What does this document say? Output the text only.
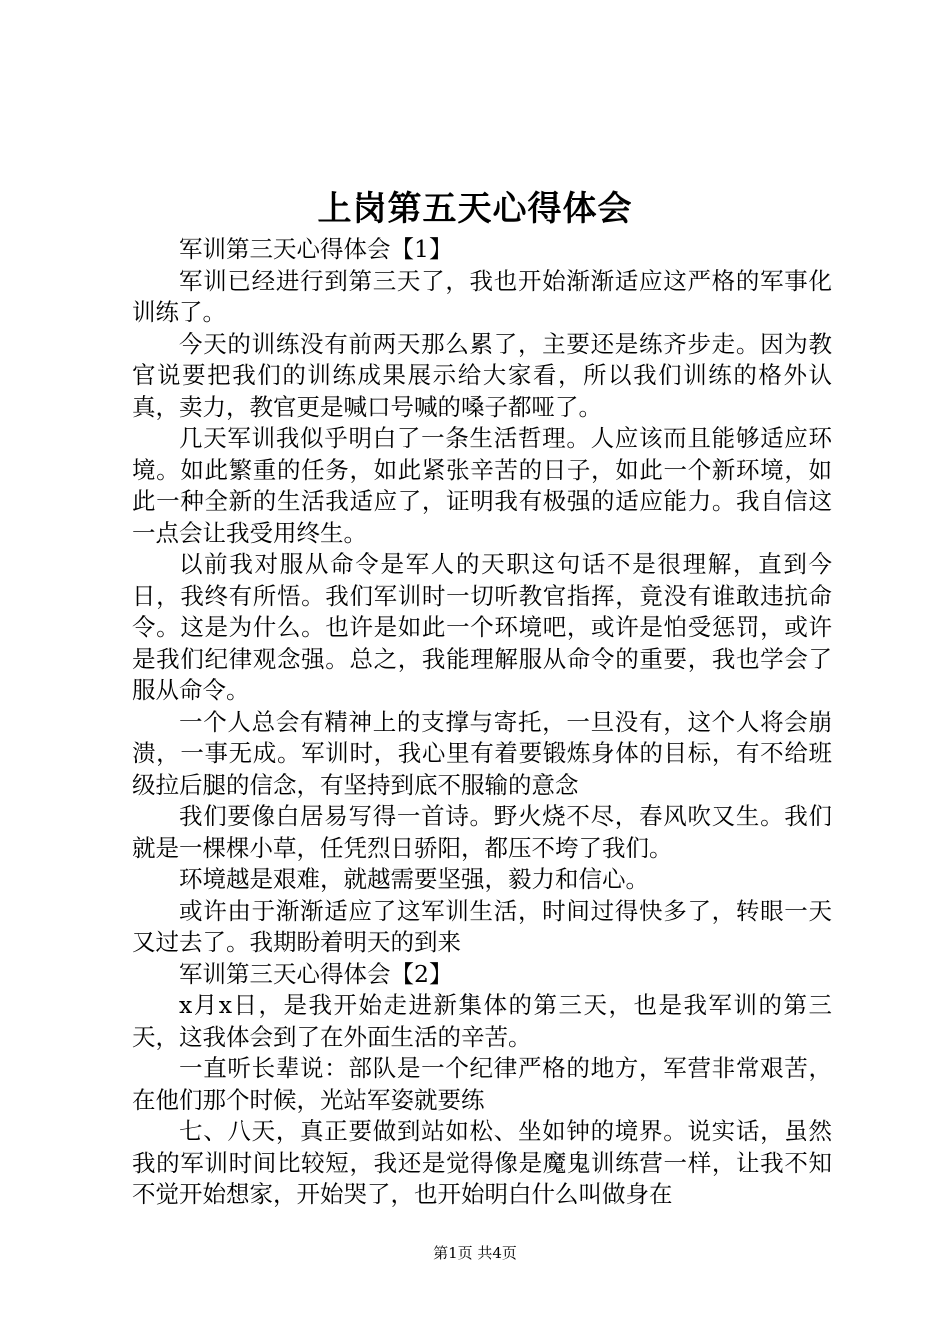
上岗第五天心得体会

军训第三天心得体会【1】

军训已经进行到第三天了，我也开始渐渐适应这严格的军事化训练了。

今天的训练没有前两天那么累了，主要还是练齐步走。因为教官说要把我们的训练成果展示给大家看，所以我们训练的格外认真，卖力，教官更是喊口号喊的嗓子都哑了。

几天军训我似乎明白了一条生活哲理。人应该而且能够适应环境。如此繁重的任务，如此紧张辛苦的日子，如此一个新环境，如此一种全新的生活我适应了，证明我有极强的适应能力。我自信这一点会让我受用终生。

以前我对服从命令是军人的天职这句话不是很理解，直到今日，我终有所悟。我们军训时一切听教官指挥，竟没有谁敢违抗命令。这是为什么。也许是如此一个环境吧，或许是怕受惩罚，或许是我们纪律观念强。总之，我能理解服从命令的重要，我也学会了服从命令。

一个人总会有精神上的支撑与寄托，一旦没有，这个人将会崩溃，一事无成。军训时，我心里有着要锻炼身体的目标，有不给班级拉后腿的信念，有坚持到底不服输的意念

我们要像白居易写得一首诗。野火烧不尽，春风吹又生。我们就是一棵棵小草，任凭烈日骄阳，都压不垮了我们。

环境越是艰难，就越需要坚强，毅力和信心。

或许由于渐渐适应了这军训生活，时间过得快多了，转眼一天又过去了。我期盼着明天的到来

军训第三天心得体会【2】

x月x日，是我开始走进新集体的第三天，也是我军训的第三天，这我体会到了在外面生活的辛苦。

一直听长辈说：部队是一个纪律严格的地方，军营非常艰苦，在他们那个时候，光站军姿就要练

七、八天，真正要做到站如松、坐如钟的境界。说实话，虽然我的军训时间比较短，我还是觉得像是魔鬼训练营一样，让我不知不觉开始想家，开始哭了，也开始明白什么叫做身在

第1页 共4页
